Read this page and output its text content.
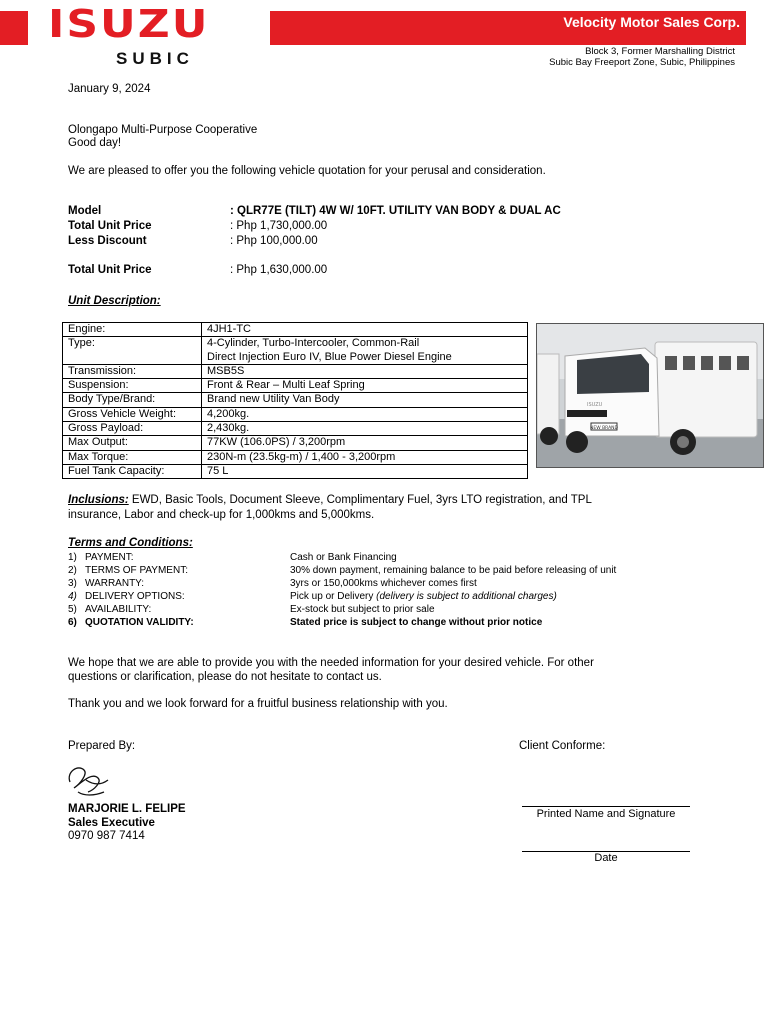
ISUZU
SUBIC
Velocity Motor Sales Corp.
Block 3, Former Marshalling District
Subic Bay Freeport Zone, Subic, Philippines
January 9, 2024
Olongapo Multi-Purpose Cooperative
Good day!
We are pleased to offer you the following vehicle quotation for your perusal and consideration.
Model	: QLR77E (TILT) 4W W/ 10FT. UTILITY VAN BODY & DUAL AC
Total Unit Price	: Php 1,730,000.00
Less Discount	: Php 100,000.00
Total Unit Price	: Php 1,630,000.00
Unit Description:
Engine:	4JH1-TC
Type:	4-Cylinder, Turbo-Intercooler, Common-Rail
Direct Injection Euro IV, Blue Power Diesel Engine

Transmission:	MSB5S
Suspension:	Front & Rear – Multi Leaf Spring
Body Type/Brand:	Brand new Utility Van Body
Gross Vehicle Weight:	4,200kg.
Gross Payload:	2,430kg.
Max Output:	77KW (106.0PS) / 3,200rpm
Max Torque:	230N-m (23.5kg-m) / 1,400 - 3,200rpm
Fuel Tank Capacity:	75 L
NEW BRAND
ISUZU
Inclusions: EWD, Basic Tools, Document Sleeve, Complimentary Fuel, 3yrs LTO registration, and TPL
insurance, Labor and check-up for 1,000kms and 5,000kms.
Terms and Conditions:
1) PAYMENT:	Cash or Bank Financing
2) TERMS OF PAYMENT:	30% down payment, remaining balance to be paid before releasing of unit
3) WARRANTY:	3yrs or 150,000kms whichever comes first
4) DELIVERY OPTIONS:	Pick up or Delivery (delivery is subject to additional charges)
5) AVAILABILITY:	Ex-stock but subject to prior sale
6) QUOTATION VALIDITY:	Stated price is subject to change without prior notice
We hope that we are able to provide you with the needed information for your desired vehicle. For other
questions or clarification, please do not hesitate to contact us.
Thank you and we look forward for a fruitful business relationship with you.
Prepared By:	Client Conforme:
MARJORIE L. FELIPE
Sales Executive
0970 987 7414
Printed Name and Signature
Date
